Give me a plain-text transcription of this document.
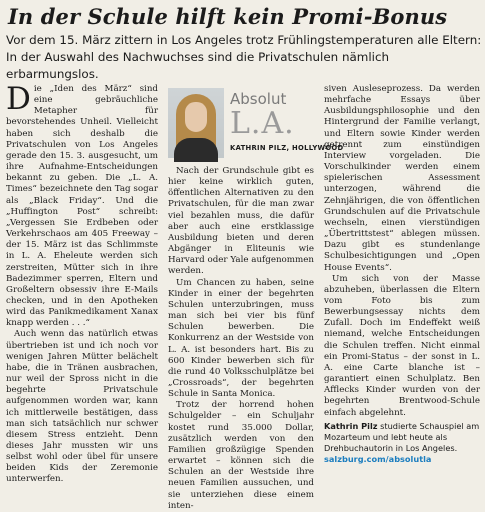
In der Schule hilft kein Promi-Bonus
Vor dem 15. März zittern in Los Angeles trotz Frühlingstemperaturen alle Eltern: In der Auswahl des Nachwuchses sind die Privatschulen nämlich erbarmungslos.

Die „Iden des März“ sind eine gebräuchliche Metapher für bevorstehendes Unheil. Vielleicht haben sich deshalb die Privatschulen von Los Angeles gerade den 15. 3. ausgesucht, um ihre Aufnahme-Entscheidungen bekannt zu geben. Die „L. A. Times“ bezeichnete den Tag sogar als „Black Friday“. Und die „Huffington Post“ schreibt: „Vergessen Sie Erdbeben oder Verkehrschaos am 405 Freeway – der 15. März ist das Schlimmste in L. A. Eheleute werden sich zerstreiten, Mütter sich in ihre Badezimmer sperren, Eltern und Großeltern obsessiv ihre E-Mails checken, und in den Apotheken wird das Panikmedikament Xanax knapp werden . . .“

Auch wenn das natürlich etwas übertrieben ist und ich noch vor wenigen Jahren Mütter belächelt habe, die in Tränen ausbrachen, nur weil der Spross nicht in die begehrte Privatschule aufgenommen worden war, kann ich mittlerweile bestätigen, dass man sich tatsächlich nur schwer diesem Stress entzieht. Denn dieses Jahr mussten wir uns selbst wohl oder übel für unsere beiden Kids der Zeremonie unterwerfen.

Absolut
L.A.
KATHRIN PILZ, HOLLYWOOD

Nach der Grundschule gibt es hier keine wirklich guten, öffentlichen Alternativen zu den Privatschulen, für die man zwar viel bezahlen muss, die dafür aber auch eine erstklassige Ausbildung bieten und deren Abgänger in Eliteunis wie Harvard oder Yale aufgenommen werden.

Um Chancen zu haben, seine Kinder in einer der begehrten Schulen unterzubringen, muss man sich bei vier bis fünf Schulen bewerben. Die Konkurrenz an der Westside von L. A. ist besonders hart. Bis zu 600 Kinder bewerben sich für die rund 40 Volksschulplätze bei „Crossroads“, der begehrten Schule in Santa Monica.

Trotz der horrend hohen Schulgelder – ein Schuljahr kostet rund 35.000 Dollar, zusätzlich werden von den Familien großzügige Spenden erwartet – können sich die Schulen an der Westside ihre neuen Familien aussuchen, und sie unterziehen diese einem inten-

siven Ausleseprozess. Da werden mehrfache Essays über Ausbildungsphilosophie und den Hintergrund der Familie verlangt, und Eltern sowie Kinder werden getrennt zum einstündigen Interview vorgeladen. Die Vorschulkinder werden einem spielerischen Assessment unterzogen, während die Zehnjährigen, die von öffentlichen Grundschulen auf die Privatschule wechseln, einen vierstündigen „Übertrittstest“ ablegen müssen. Dazu gibt es stundenlange Schulbesichtigungen und „Open House Events“.

Um sich von der Masse abzuheben, überlassen die Eltern vom Foto bis zum Bewerbungsessay nichts dem Zufall. Doch im Endeffekt weiß niemand, welche Entscheidungen die Schulen treffen. Nicht einmal ein Promi-Status – der sonst in L. A. eine Carte blanche ist – garantiert einen Schulplatz. Ben Afflecks Kinder wurden von der begehrten Brentwood-Schule einfach abgelehnt.

Kathrin Pilz studierte Schauspiel am Mozarteum und lebt heute als Drehbuchautorin in Los Angeles.
salzburg.com/absolutla
